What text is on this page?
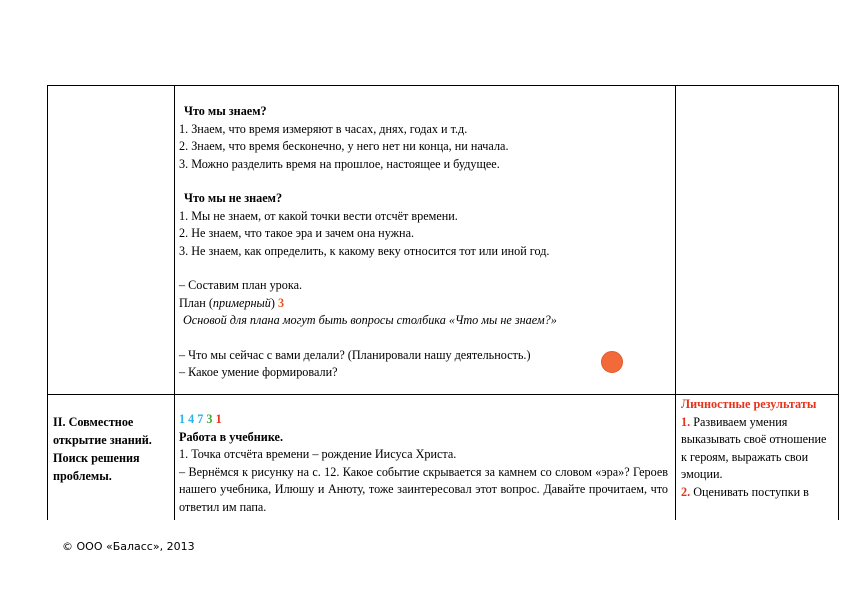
Что мы знаем?

1. Знаем, что время измеряют в часах, днях, годах и т.д.

2. Знаем, что время бесконечно, у него нет ни конца, ни начала.

3. Можно разделить время на прошлое, настоящее и будущее.

Что мы не знаем?

1. Мы не знаем, от какой точки вести отсчёт времени.

2. Не знаем, что такое эра и зачем она нужна.

3. Не знаем, как определить, к какому веку относится тот или иной год.

– Составим план урока.

План (примерный) 3

Основой для плана могут быть вопросы столбика «Что мы не знаем?»

– Что мы сейчас с вами делали? (Планировали нашу деятельность.)

– Какое умение формировали?

II. Совместное открытие знаний. Поиск решения проблемы.

1 4 7 3 1

Работа в учебнике.

1. Точка отсчёта времени – рождение Иисуса Христа.

– Вернёмся к рисунку на с. 12. Какое событие скрывается за камнем со словом «эра»? Героев нашего учебника, Илюшу и Анюту, тоже заинтересовал этот вопрос. Давайте прочитаем, что ответил им папа.

Личностные результаты

1. Развиваем умения выказывать своё отношение к героям, выражать свои эмоции.

2. Оценивать поступки в

© ООО «Баласс», 2013
